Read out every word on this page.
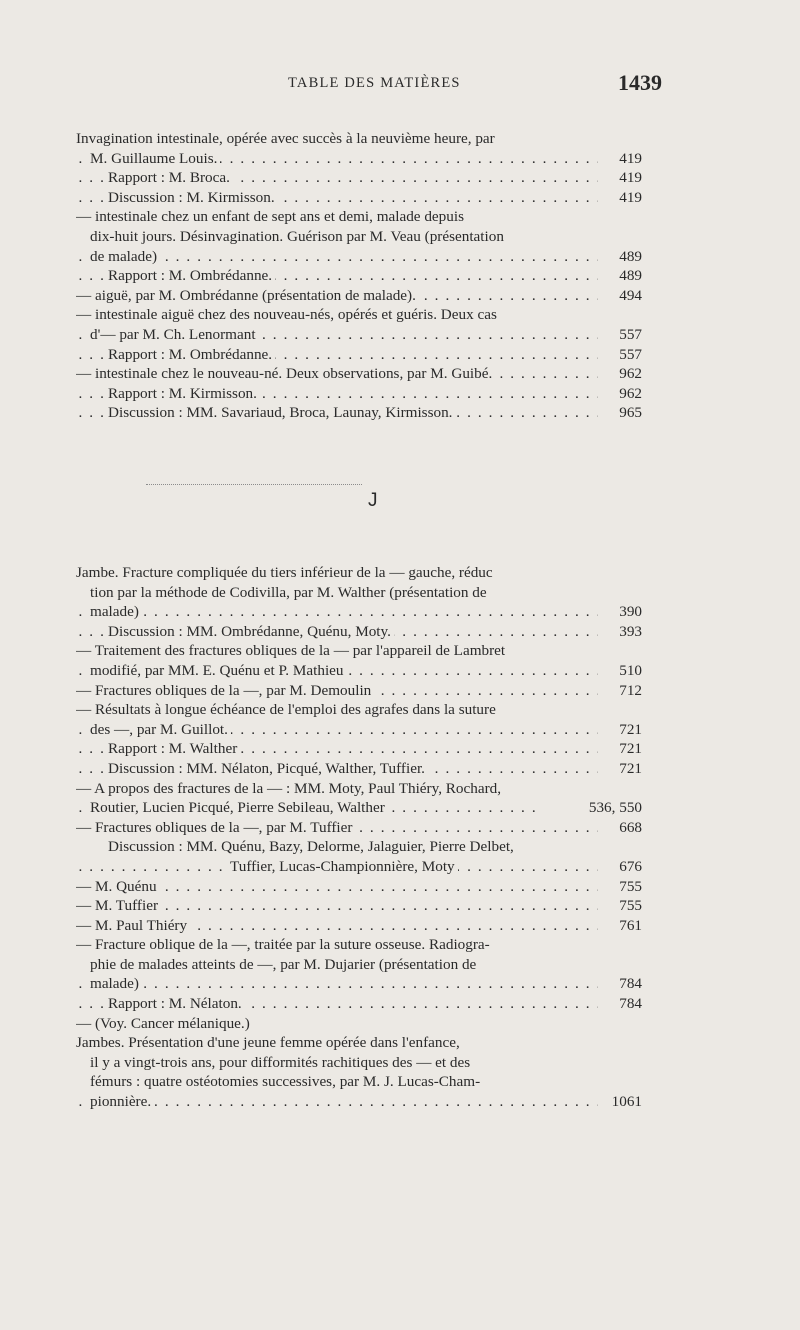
TABLE DES MATIÈRES	1439
Invagination intestinale, opérée avec succès à la neuvième heure, par
M. Guillaume Louis.	419
. . .
Rapport : M. Broca.	419
. . .
Discussion : M. Kirmisson.	419
. . .
— intestinale chez un enfant de sept ans et demi, malade depuis
dix-huit jours. Désinvagination. Guérison par M. Veau (présentation
de malade)	489
. . .
Rapport : M. Ombrédanne.	489
. . .
— aiguë, par M. Ombrédanne (présentation de malade).	494
. . .
— intestinale aiguë chez des nouveau-nés, opérés et guéris. Deux cas
d'— par M. Ch. Lenormant	557
. . .
Rapport : M. Ombrédanne.	557
. . .
— intestinale chez le nouveau-né. Deux observations, par M. Guibé.	962
. . .
Rapport : M. Kirmisson.	962
. . .
Discussion : MM. Savariaud, Broca, Launay, Kirmisson.	965
. . .
J
Jambe. Fracture compliquée du tiers inférieur de la — gauche, réduc
tion par la méthode de Codivilla, par M. Walther (présentation de
malade)	390
. . .
Discussion : MM. Ombrédanne, Quénu, Moty.	393
. . .
— Traitement des fractures obliques de la — par l'appareil de Lambret
modifié, par MM. E. Quénu et P. Mathieu	510
. . .
— Fractures obliques de la —, par M. Demoulin	712
. . .
— Résultats à longue échéance de l'emploi des agrafes dans la suture
des —, par M. Guillot.	721
. . .
Rapport : M. Walther	721
. . .
Discussion : MM. Nélaton, Picqué, Walther, Tuffier.	721
. . .
— A propos des fractures de la — : MM. Moty, Paul Thiéry, Rochard,
Routier, Lucien Picqué, Pierre Sebileau, Walther	536, 550
. . .
— Fractures obliques de la —, par M. Tuffier	668
. . .
Discussion : MM. Quénu, Bazy, Delorme, Jalaguier, Pierre Delbet,
Tuffier, Lucas-Championnière, Moty	676
. . .
— M. Quénu	755
. . .
— M. Tuffier	755
. . .
— M. Paul Thiéry	761
. . .
— Fracture oblique de la —, traitée par la suture osseuse. Radiogra-
phie de malades atteints de —, par M. Dujarier (présentation de
malade)	784
. . .
Rapport : M. Nélaton.	784
. . .
— (Voy. Cancer mélanique.)
Jambes. Présentation d'une jeune femme opérée dans l'enfance,
il y a vingt-trois ans, pour difformités rachitiques des — et des
fémurs : quatre ostéotomies successives, par M. J. Lucas-Cham-
pionnière.	1061
. . .
